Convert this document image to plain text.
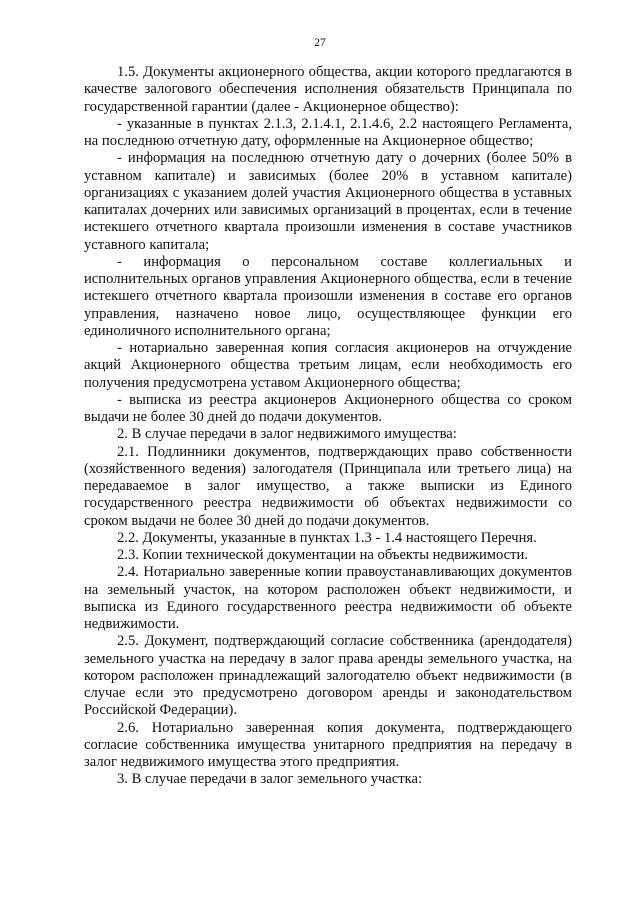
27

1.5. Документы акционерного общества, акции которого предлагаются в качестве залогового обеспечения исполнения обязательств Принципала по государственной гарантии (далее - Акционерное общество):

- указанные в пунктах 2.1.3, 2.1.4.1, 2.1.4.6, 2.2 настоящего Регламента, на последнюю отчетную дату, оформленные на Акционерное общество;

- информация на последнюю отчетную дату о дочерних (более 50% в уставном капитале) и зависимых (более 20% в уставном капитале) организациях с указанием долей участия Акционерного общества в уставных капиталах дочерних или зависимых организаций в процентах, если в течение истекшего отчетного квартала произошли изменения в составе участников уставного капитала;

- информация о персональном составе коллегиальных и исполнительных органов управления Акционерного общества, если в течение истекшего отчетного квартала произошли изменения в составе его органов управления, назначено новое лицо, осуществляющее функции его единоличного исполнительного органа;

- нотариально заверенная копия согласия акционеров на отчуждение акций Акционерного общества третьим лицам, если необходимость его получения предусмотрена уставом Акционерного общества;

- выписка из реестра акционеров Акционерного общества со сроком выдачи не более 30 дней до подачи документов.

2. В случае передачи в залог недвижимого имущества:

2.1. Подлинники документов, подтверждающих право собственности (хозяйственного ведения) залогодателя (Принципала или третьего лица) на передаваемое в залог имущество, а также выписки из Единого государственного реестра недвижимости об объектах недвижимости со сроком выдачи не более 30 дней до подачи документов.

2.2. Документы, указанные в пунктах 1.3 - 1.4 настоящего Перечня.

2.3. Копии технической документации на объекты недвижимости.

2.4. Нотариально заверенные копии правоустанавливающих документов на земельный участок, на котором расположен объект недвижимости, и выписка из Единого государственного реестра недвижимости об объекте недвижимости.

2.5. Документ, подтверждающий согласие собственника (арендодателя) земельного участка на передачу в залог права аренды земельного участка, на котором расположен принадлежащий залогодателю объект недвижимости (в случае если это предусмотрено договором аренды и законодательством Российской Федерации).

2.6. Нотариально заверенная копия документа, подтверждающего согласие собственника имущества унитарного предприятия на передачу в залог недвижимого имущества этого предприятия.

3. В случае передачи в залог земельного участка:
